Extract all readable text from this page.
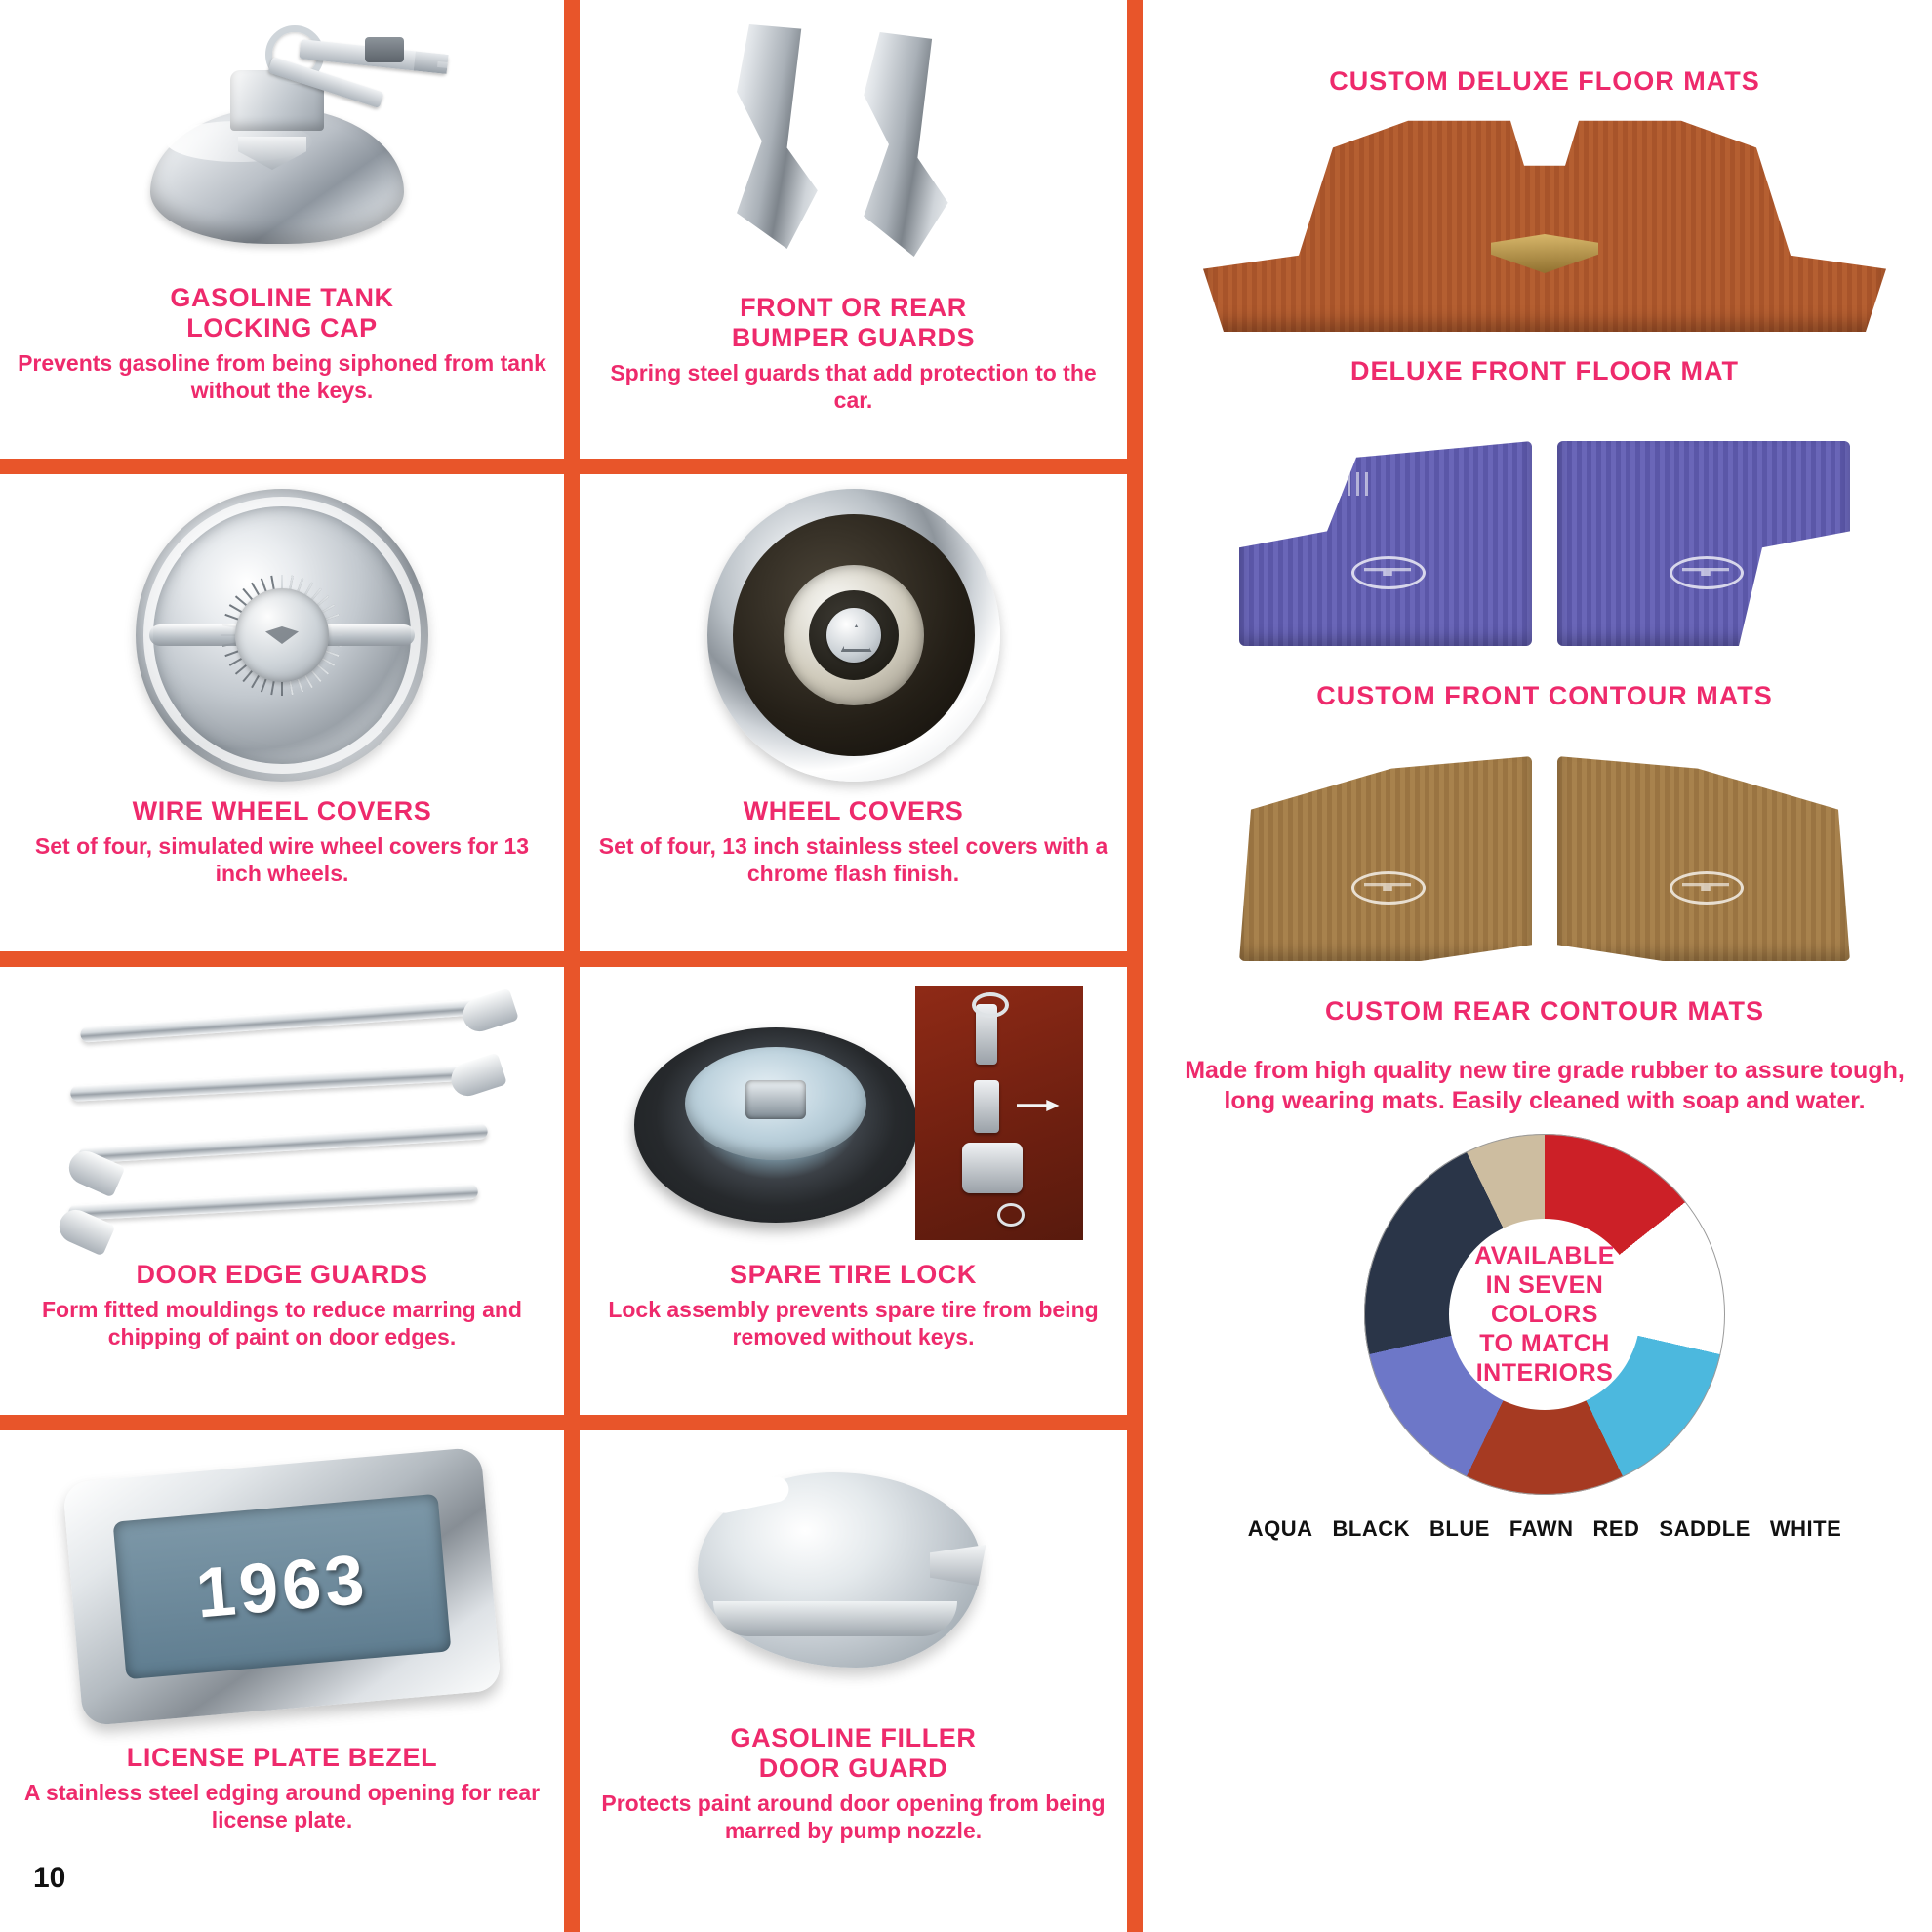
GASOLINE TANK
LOCKING CAP

Prevents gasoline from being siphoned from tank without the keys.

FRONT OR REAR
BUMPER GUARDS

Spring steel guards that add protection to the car.

WIRE WHEEL COVERS

Set of four, simulated wire wheel covers for 13 inch wheels.

WHEEL COVERS

Set of four, 13 inch stainless steel covers with a chrome flash finish.

DOOR EDGE GUARDS

Form fitted mouldings to reduce marring and chipping of paint on door edges.

SPARE TIRE LOCK

Lock assembly prevents spare tire from being removed without keys.

1963

LICENSE PLATE BEZEL

A stainless steel edging around opening for rear license plate.

GASOLINE FILLER
DOOR GUARD

Protects paint around door opening from being marred by pump nozzle.

CUSTOM DELUXE FLOOR MATS

DELUXE FRONT FLOOR MAT

CUSTOM FRONT CONTOUR MATS

CUSTOM REAR CONTOUR MATS

Made from high quality new tire grade rubber to assure tough, long wearing mats. Easily cleaned with soap and water.

AVAILABLE
IN SEVEN
COLORS
TO MATCH
INTERIORS
AQUA BLACK BLUE FAWN RED SADDLE WHITE
10
